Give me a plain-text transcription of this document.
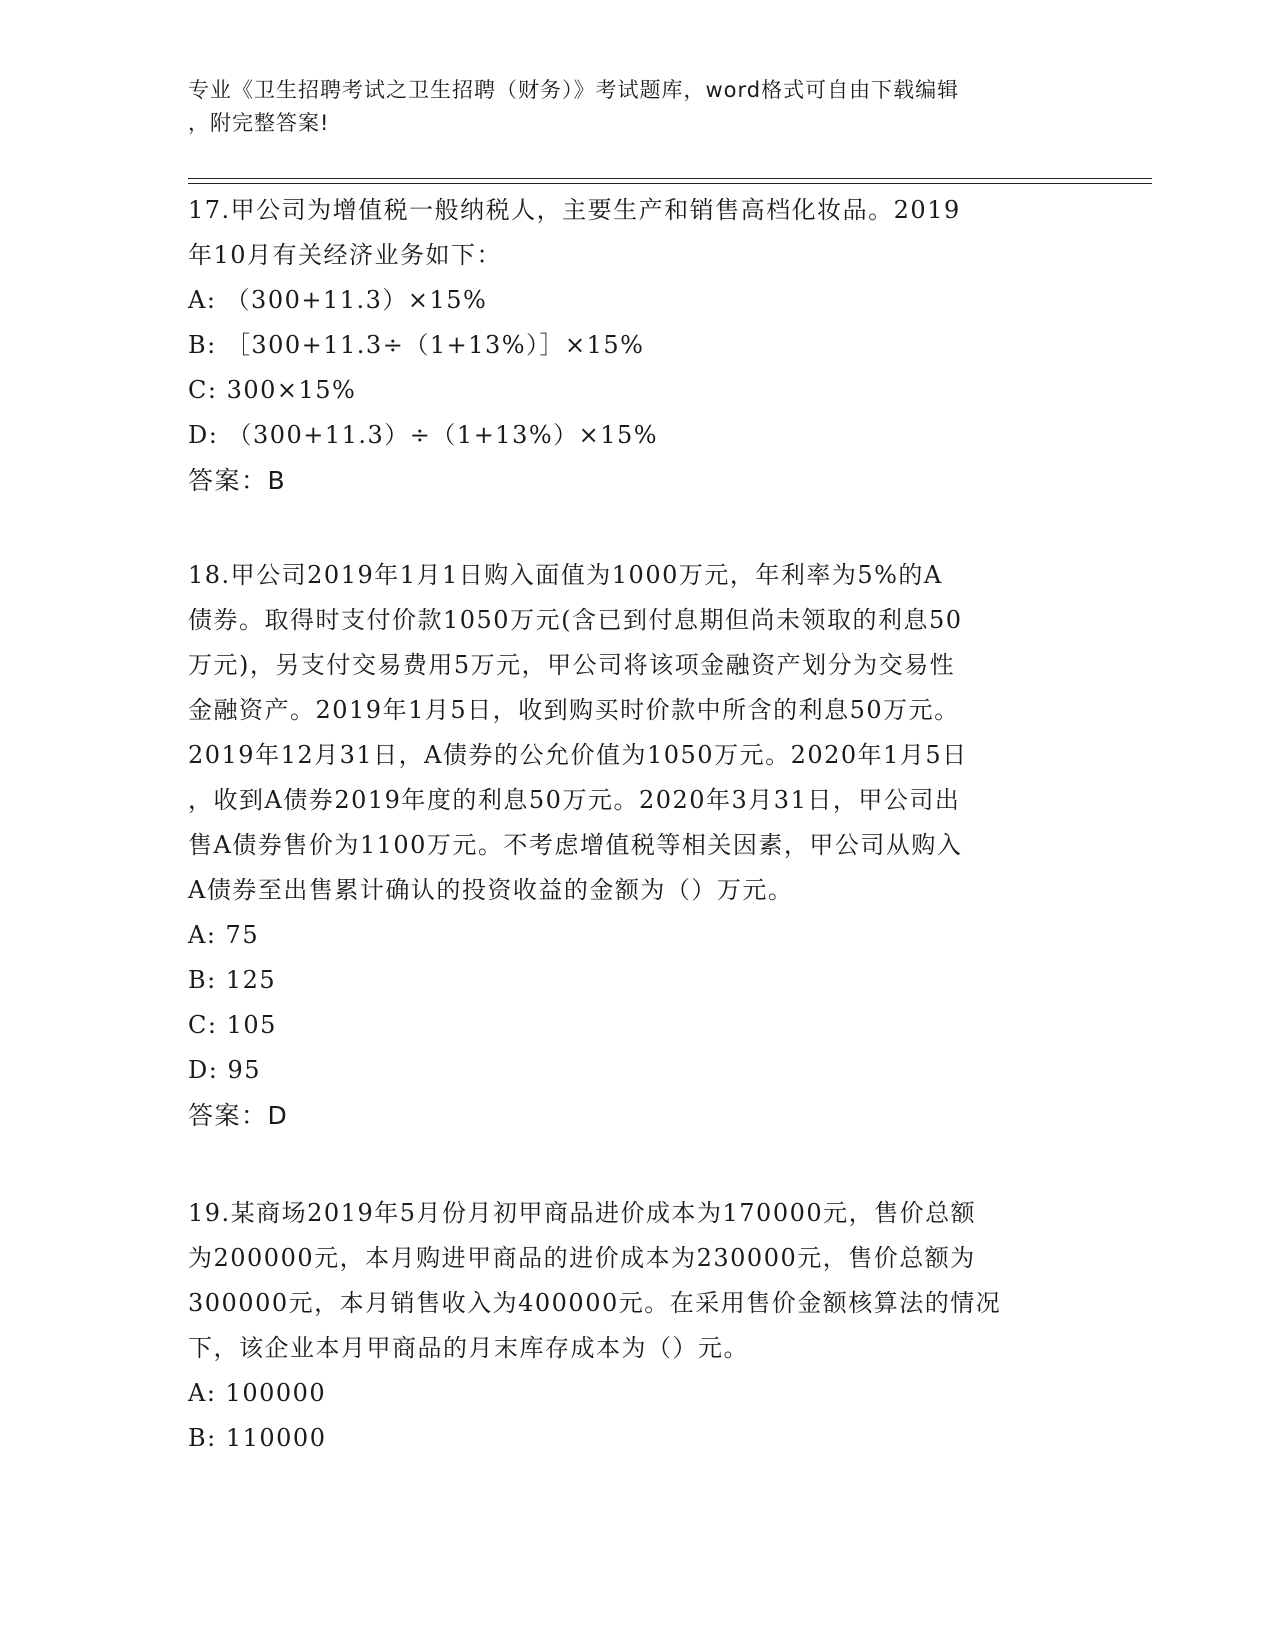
专业《卫生招聘考试之卫生招聘（财务）》考试题库，word格式可自由下载编辑
，附完整答案!

17.甲公司为增值税一般纳税人，主要生产和销售高档化妆品。2019

年10月有关经济业务如下：

A: （300+11.3）×15%

B: ［300+11.3÷（1+13%）］×15%

C: 300×15%

D: （300+11.3）÷（1+13%）×15%

答案：B

18.甲公司2019年1月1日购入面值为1000万元，年利率为5%的A

债券。取得时支付价款1050万元(含已到付息期但尚未领取的利息50

万元)，另支付交易费用5万元，甲公司将该项金融资产划分为交易性

金融资产。2019年1月5日，收到购买时价款中所含的利息50万元。

2019年12月31日，A债券的公允价值为1050万元。2020年1月5日

，收到A债券2019年度的利息50万元。2020年3月31日，甲公司出

售A债券售价为1100万元。不考虑增值税等相关因素，甲公司从购入

A债券至出售累计确认的投资收益的金额为（）万元。

A: 75

B: 125

C: 105

D: 95

答案：D

19.某商场2019年5月份月初甲商品进价成本为170000元，售价总额

为200000元，本月购进甲商品的进价成本为230000元，售价总额为

300000元，本月销售收入为400000元。在采用售价金额核算法的情况

下，该企业本月甲商品的月末库存成本为（）元。

A: 100000

B: 110000
